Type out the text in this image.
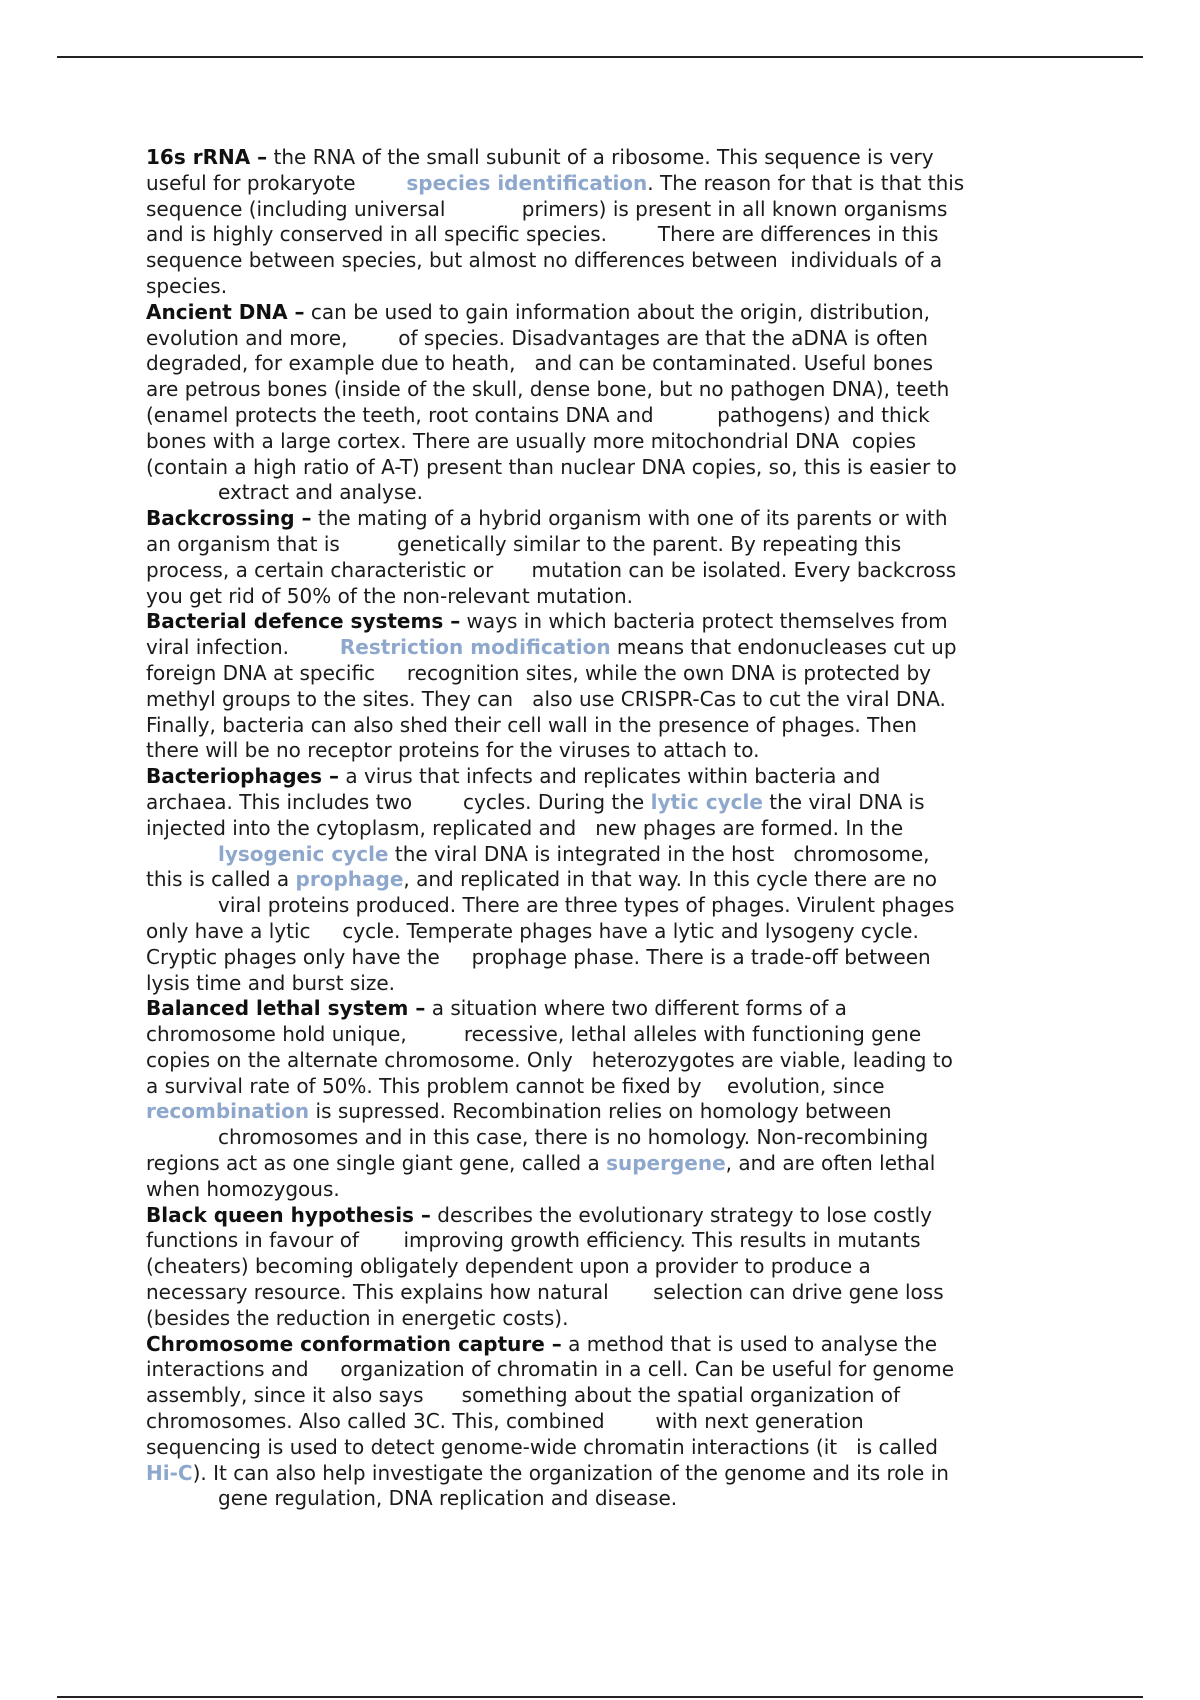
16s rRNA – the RNA of the small subunit of a ribosome. This sequence is very
useful for prokaryote        species identification. The reason for that is that this
sequence (including universal            primers) is present in all known organisms
and is highly conserved in all specific species.        There are differences in this
sequence between species, but almost no differences between  individuals of a
species.
Ancient DNA – can be used to gain information about the origin, distribution,
evolution and more,        of species. Disadvantages are that the aDNA is often
degraded, for example due to heath,   and can be contaminated. Useful bones
are petrous bones (inside of the skull, dense bone, but no pathogen DNA), teeth
(enamel protects the teeth, root contains DNA and          pathogens) and thick
bones with a large cortex. There are usually more mitochondrial DNA  copies
(contain a high ratio of A-T) present than nuclear DNA copies, so, this is easier to
extract and analyse.
Backcrossing – the mating of a hybrid organism with one of its parents or with
an organism that is         genetically similar to the parent. By repeating this
process, a certain characteristic or      mutation can be isolated. Every backcross
you get rid of 50% of the non-relevant mutation.
Bacterial defence systems – ways in which bacteria protect themselves from
viral infection.        Restriction modification means that endonucleases cut up
foreign DNA at specific     recognition sites, while the own DNA is protected by
methyl groups to the sites. They can   also use CRISPR-Cas to cut the viral DNA.
Finally, bacteria can also shed their cell wall in the presence of phages. Then
there will be no receptor proteins for the viruses to attach to.
Bacteriophages – a virus that infects and replicates within bacteria and
archaea. This includes two        cycles. During the lytic cycle the viral DNA is
injected into the cytoplasm, replicated and   new phages are formed. In the
lysogenic cycle the viral DNA is integrated in the host   chromosome,
this is called a prophage, and replicated in that way. In this cycle there are no
viral proteins produced. There are three types of phages. Virulent phages
only have a lytic     cycle. Temperate phages have a lytic and lysogeny cycle.
Cryptic phages only have the     prophage phase. There is a trade-off between
lysis time and burst size.
Balanced lethal system – a situation where two different forms of a
chromosome hold unique,         recessive, lethal alleles with functioning gene
copies on the alternate chromosome. Only   heterozygotes are viable, leading to
a survival rate of 50%. This problem cannot be fixed by    evolution, since
recombination is supressed. Recombination relies on homology between
chromosomes and in this case, there is no homology. Non-recombining
regions act as one single giant gene, called a supergene, and are often lethal
when homozygous.
Black queen hypothesis – describes the evolutionary strategy to lose costly
functions in favour of       improving growth efficiency. This results in mutants
(cheaters) becoming obligately dependent upon a provider to produce a
necessary resource. This explains how natural       selection can drive gene loss
(besides the reduction in energetic costs).
Chromosome conformation capture – a method that is used to analyse the
interactions and     organization of chromatin in a cell. Can be useful for genome
assembly, since it also says      something about the spatial organization of
chromosomes. Also called 3C. This, combined        with next generation
sequencing is used to detect genome-wide chromatin interactions (it   is called
Hi-C). It can also help investigate the organization of the genome and its role in
gene regulation, DNA replication and disease.
